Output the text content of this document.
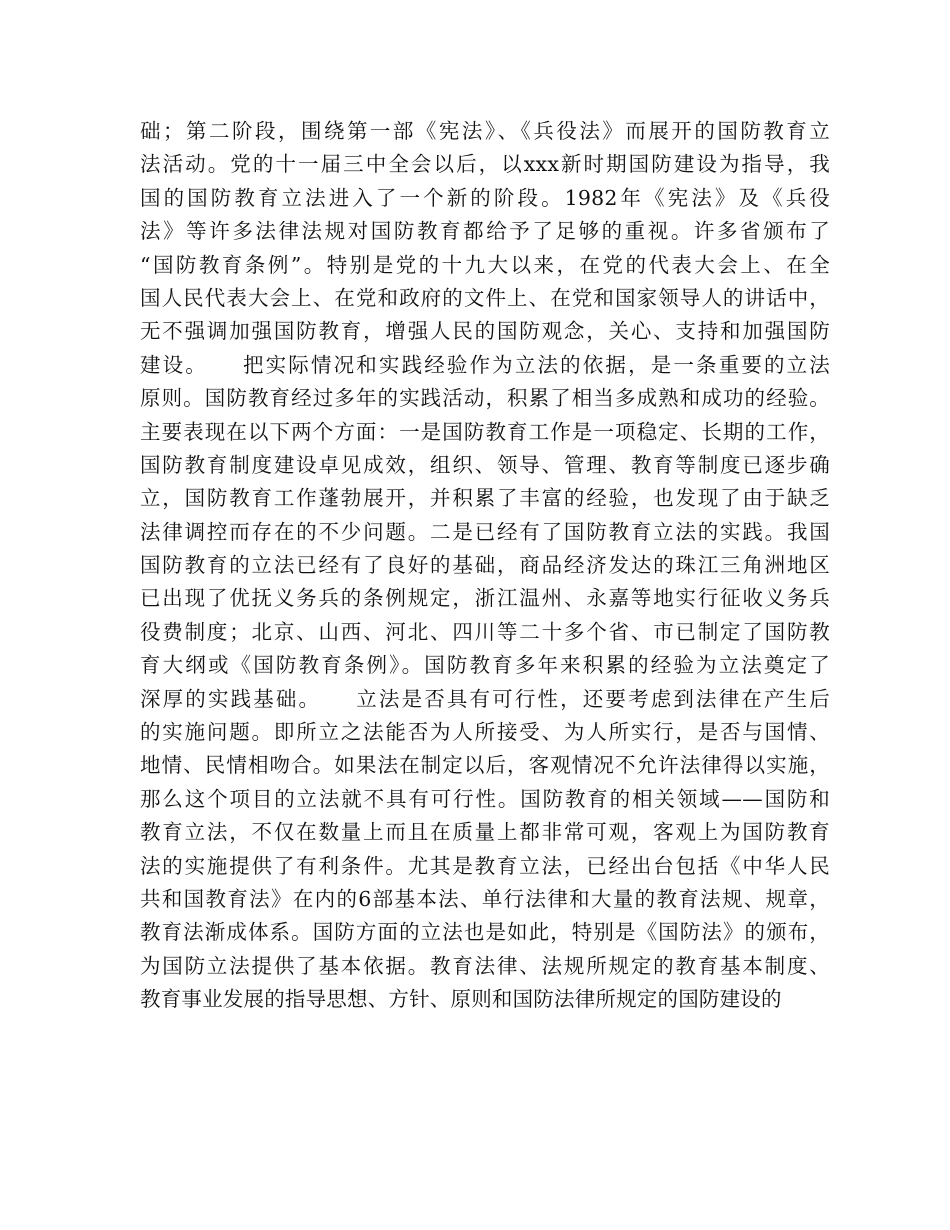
础；第二阶段，围绕第一部《宪法》、《兵役法》而展开的国防教育立
法活动。党的十一届三中全会以后，以xxx新时期国防建设为指导，我
国的国防教育立法进入了一个新的阶段。1982年《宪法》及《兵役
法》等许多法律法规对国防教育都给予了足够的重视。许多省颁布了
“国防教育条例”。特别是党的十九大以来，在党的代表大会上、在全
国人民代表大会上、在党和政府的文件上、在党和国家领导人的讲话中，
无不强调加强国防教育，增强人民的国防观念，关心、支持和加强国防
建设。　　把实际情况和实践经验作为立法的依据，是一条重要的立法
原则。国防教育经过多年的实践活动，积累了相当多成熟和成功的经验。
主要表现在以下两个方面：一是国防教育工作是一项稳定、长期的工作，
国防教育制度建设卓见成效，组织、领导、管理、教育等制度已逐步确
立，国防教育工作蓬勃展开，并积累了丰富的经验，也发现了由于缺乏
法律调控而存在的不少问题。二是已经有了国防教育立法的实践。我国
国防教育的立法已经有了良好的基础，商品经济发达的珠江三角洲地区
已出现了优抚义务兵的条例规定，浙江温州、永嘉等地实行征收义务兵
役费制度；北京、山西、河北、四川等二十多个省、市已制定了国防教
育大纲或《国防教育条例》。国防教育多年来积累的经验为立法奠定了
深厚的实践基础。　　立法是否具有可行性，还要考虑到法律在产生后
的实施问题。即所立之法能否为人所接受、为人所实行，是否与国情、
地情、民情相吻合。如果法在制定以后，客观情况不允许法律得以实施，
那么这个项目的立法就不具有可行性。国防教育的相关领域——国防和
教育立法，不仅在数量上而且在质量上都非常可观，客观上为国防教育
法的实施提供了有利条件。尤其是教育立法，已经出台包括《中华人民
共和国教育法》在内的6部基本法、单行法律和大量的教育法规、规章，
教育法渐成体系。国防方面的立法也是如此，特别是《国防法》的颁布，
为国防立法提供了基本依据。教育法律、法规所规定的教育基本制度、
教育事业发展的指导思想、方针、原则和国防法律所规定的国防建设的
